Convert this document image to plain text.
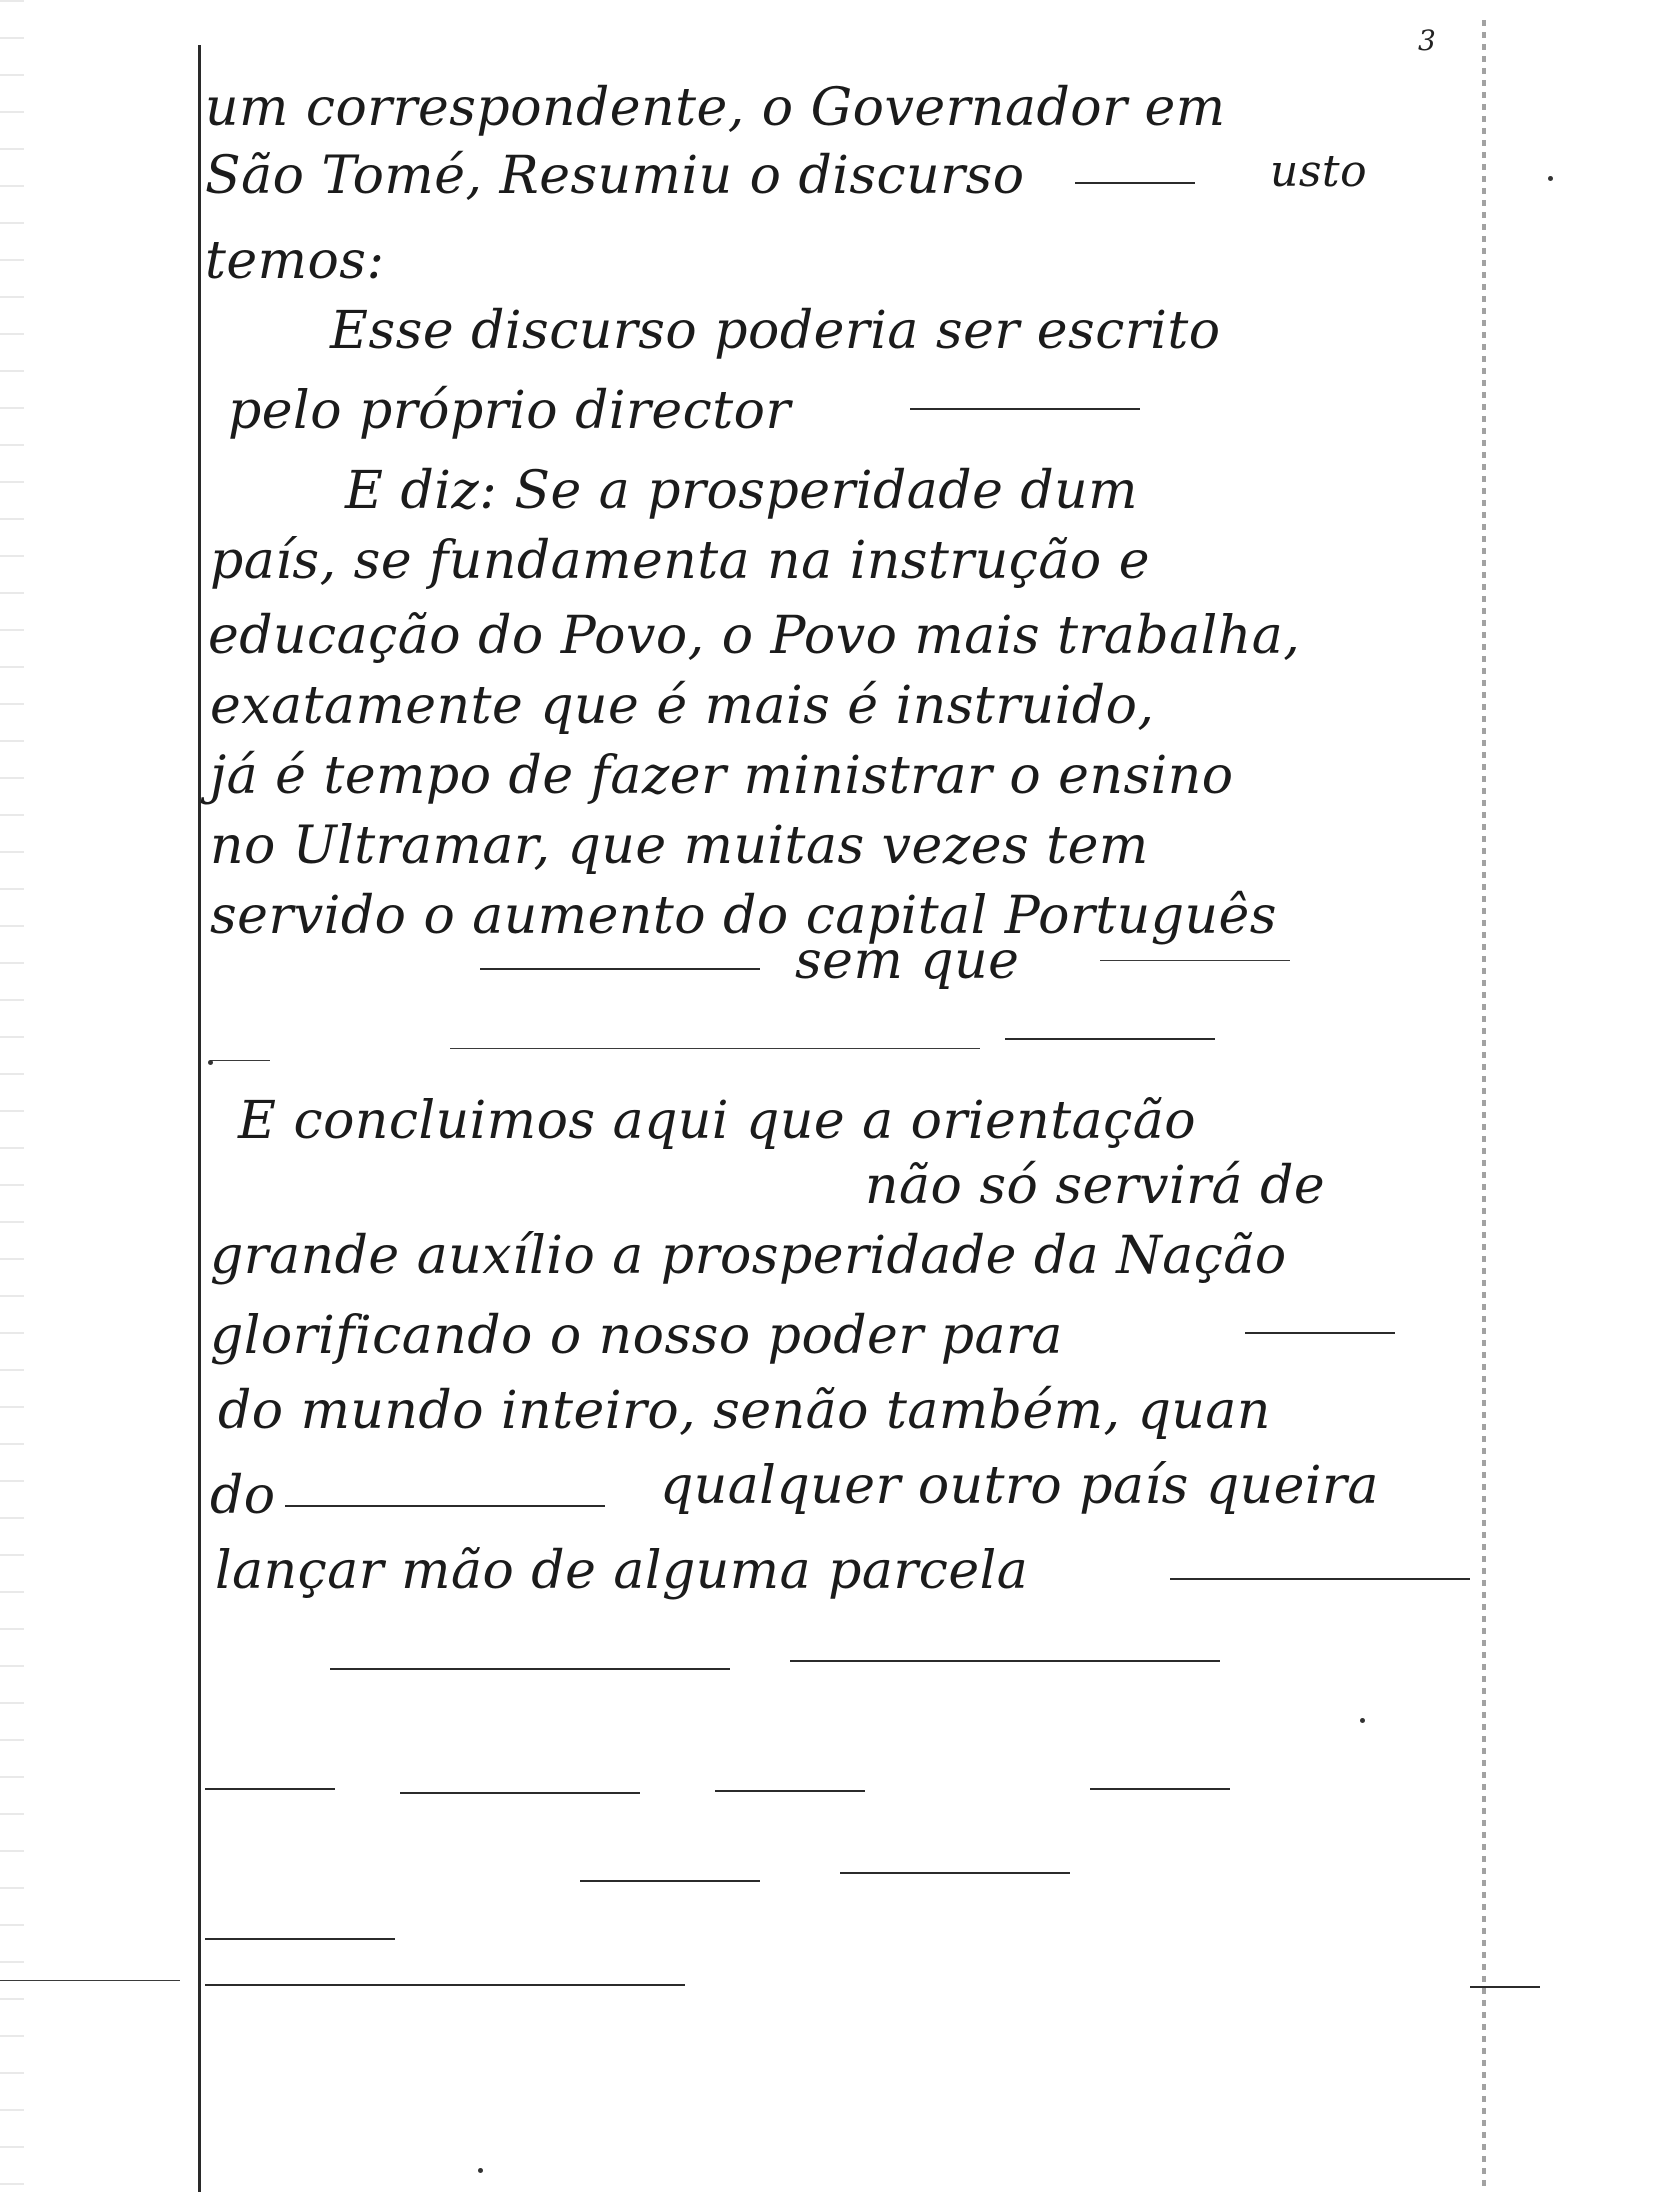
3
um correspondente, o Governador em
São Tomé, Resumiu o discurso	usto
temos:
Esse discurso poderia ser escrito
pelo próprio director
E diz: Se a prosperidade dum
país, se fundamenta na instrução e
educação do Povo, o Povo mais trabalha,
exatamente que é mais é instruido,
já é tempo de fazer ministrar o ensino
no Ultramar, que muitas vezes tem
servido o aumento do capital Português
sem que
E concluimos aqui que a orientação
não só servirá de
grande auxílio a prosperidade da Nação
glorificando o nosso poder para
do mundo inteiro, senão também, quan
do	qualquer outro país queira
lançar mão de alguma parcela
